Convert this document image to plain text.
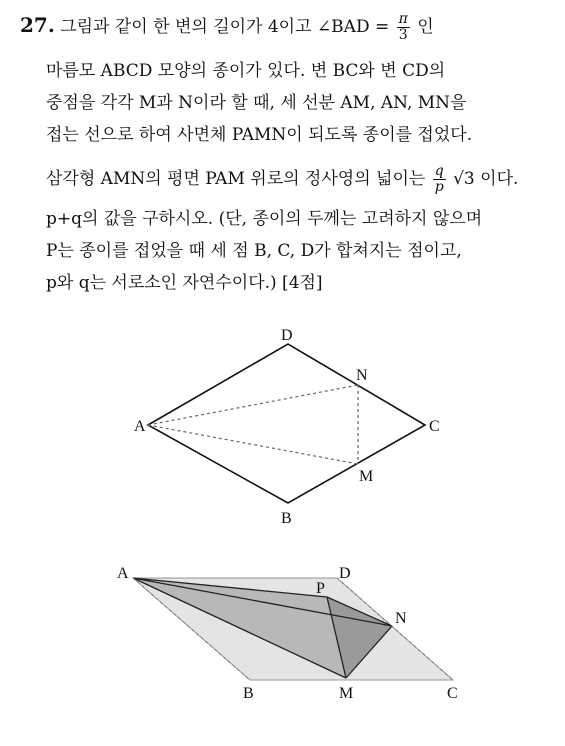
27. 그림과 같이 한 변의 길이가 4이고 ∠BAD = $\frac{\pi}{3}$ 인
마름모 ABCD 모양의 종이가 있다. 변 BC와 변 CD의
중점을 각각 M과 N이라 할 때, 세 선분 AM, AN, MN을
접는 선으로 하여 사면체 PAMN이 되도록 종이를 접었다.
삼각형 AMN의 평면 PAM 위로의 정사영의 넓이는 $\frac{q}{p} √3$ 이다.
p+q의 값을 구하시오. (단, 종이의 두께는 고려하지 않으며
P는 종이를 접었을 때 세 점 B, C, D가 합쳐지는 점이고,
p와 q는 서로소인 자연수이다.) [4점]
D
A	C
B
N
M
A	D
P
N
B	M	C
